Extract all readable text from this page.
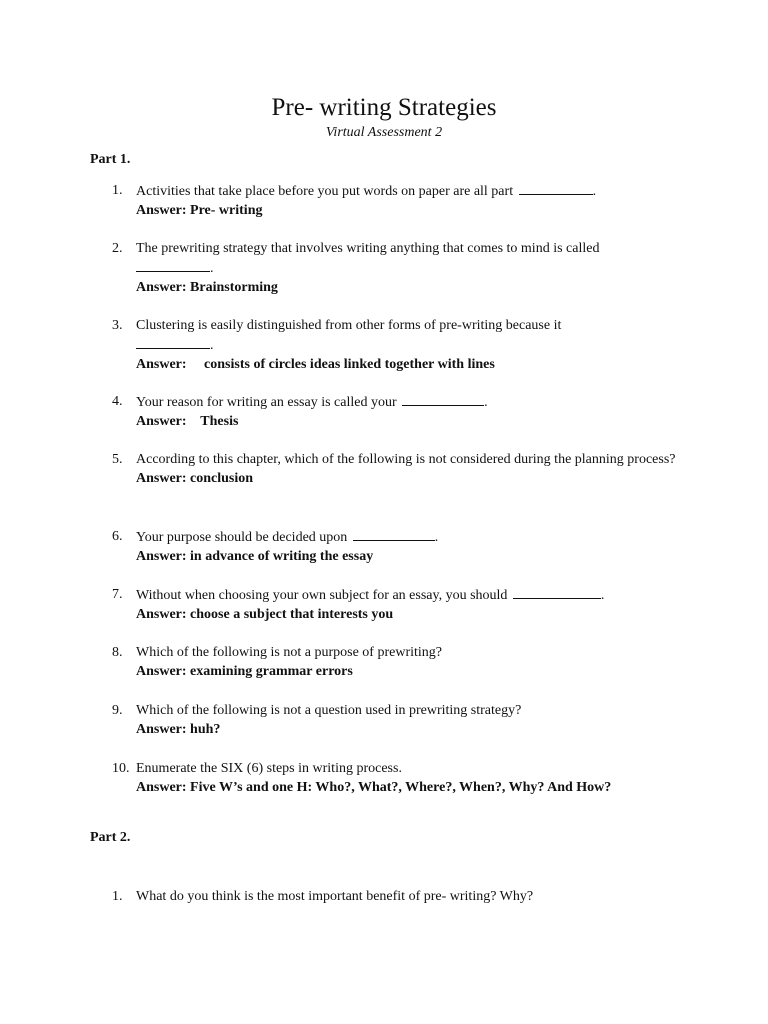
Pre- writing Strategies
Virtual Assessment 2
Part 1.
1. Activities that take place before you put words on paper are all part	.
Answer: Pre- writing
2. The prewriting strategy that involves writing anything that comes to mind is called
.
Answer: Brainstorming
3. Clustering is easily distinguished from other forms of pre-writing because it
.
Answer:     consists of circles ideas linked together with lines
4. Your reason for writing an essay is called your	.
Answer:    Thesis
5. According to this chapter, which of the following is not considered during the planning process?
Answer: conclusion
6. Your purpose should be decided upon	.
Answer: in advance of writing the essay
7. Without when choosing your own subject for an essay, you should	.
Answer: choose a subject that interests you
8. Which of the following is not a purpose of prewriting?
Answer: examining grammar errors
9. Which of the following is not a question used in prewriting strategy?
Answer: huh?
10. Enumerate the SIX (6) steps in writing process.
Answer: Five W’s and one H: Who?, What?, Where?, When?, Why? And How?
Part 2.
1. What do you think is the most important benefit of pre- writing? Why?
